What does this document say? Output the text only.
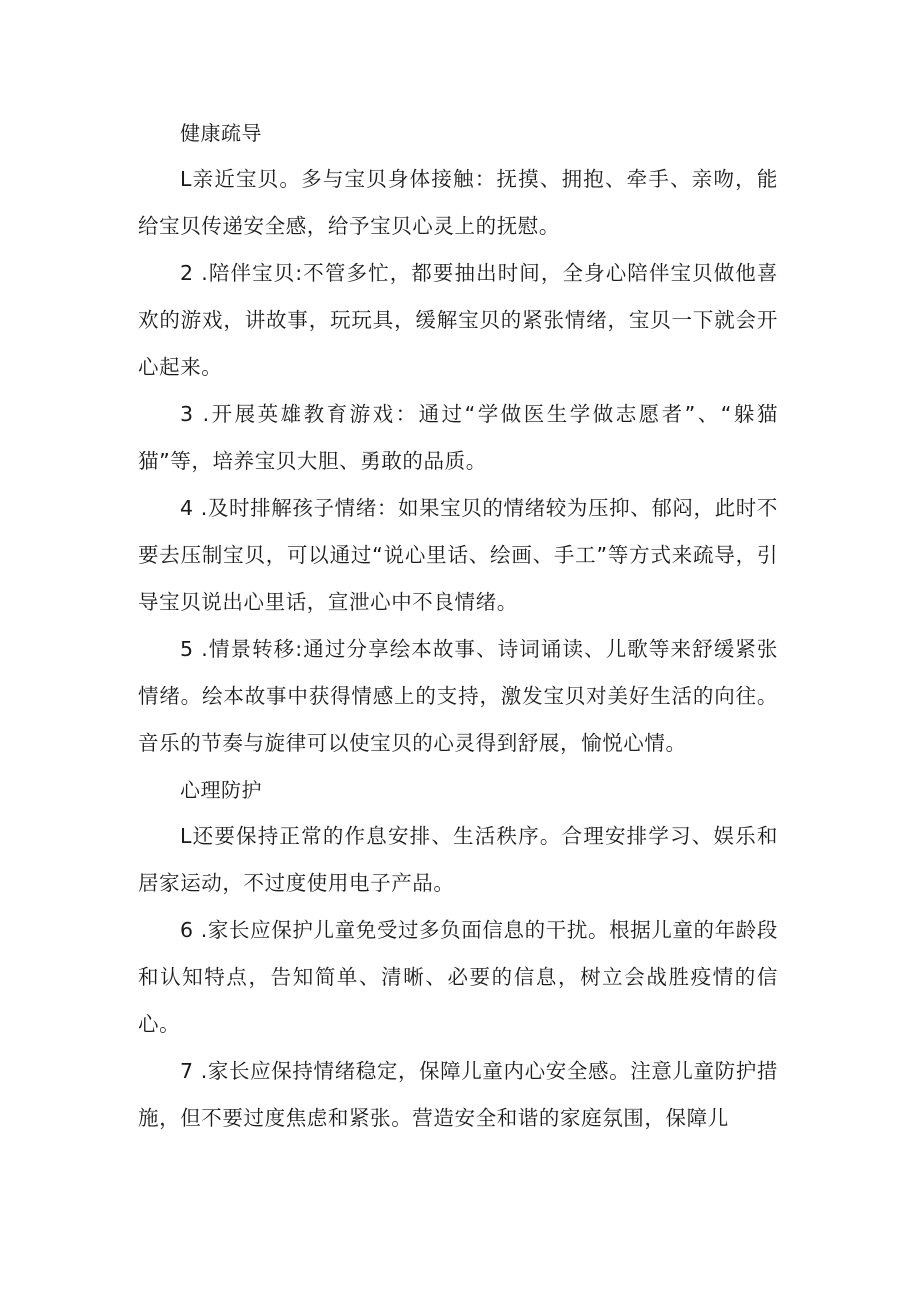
健康疏导

L亲近宝贝。多与宝贝身体接触：抚摸、拥抱、牵手、亲吻，能给宝贝传递安全感，给予宝贝心灵上的抚慰。

2 .陪伴宝贝:不管多忙，都要抽出时间，全身心陪伴宝贝做他喜欢的游戏，讲故事，玩玩具，缓解宝贝的紧张情绪，宝贝一下就会开心起来。

3 .开展英雄教育游戏：通过“学做医生学做志愿者”、“躲猫猫”等，培养宝贝大胆、勇敢的品质。

4 .及时排解孩子情绪：如果宝贝的情绪较为压抑、郁闷，此时不要去压制宝贝，可以通过“说心里话、绘画、手工”等方式来疏导，引导宝贝说出心里话，宣泄心中不良情绪。

5 .情景转移:通过分享绘本故事、诗词诵读、儿歌等来舒缓紧张情绪。绘本故事中获得情感上的支持，激发宝贝对美好生活的向往。音乐的节奏与旋律可以使宝贝的心灵得到舒展，愉悦心情。

心理防护

L还要保持正常的作息安排、生活秩序。合理安排学习、娱乐和居家运动，不过度使用电子产品。

6 .家长应保护儿童免受过多负面信息的干扰。根据儿童的年龄段和认知特点，告知简单、清晰、必要的信息，树立会战胜疫情的信心。

7 .家长应保持情绪稳定，保障儿童内心安全感。注意儿童防护措施，但不要过度焦虑和紧张。营造安全和谐的家庭氛围，保障儿
